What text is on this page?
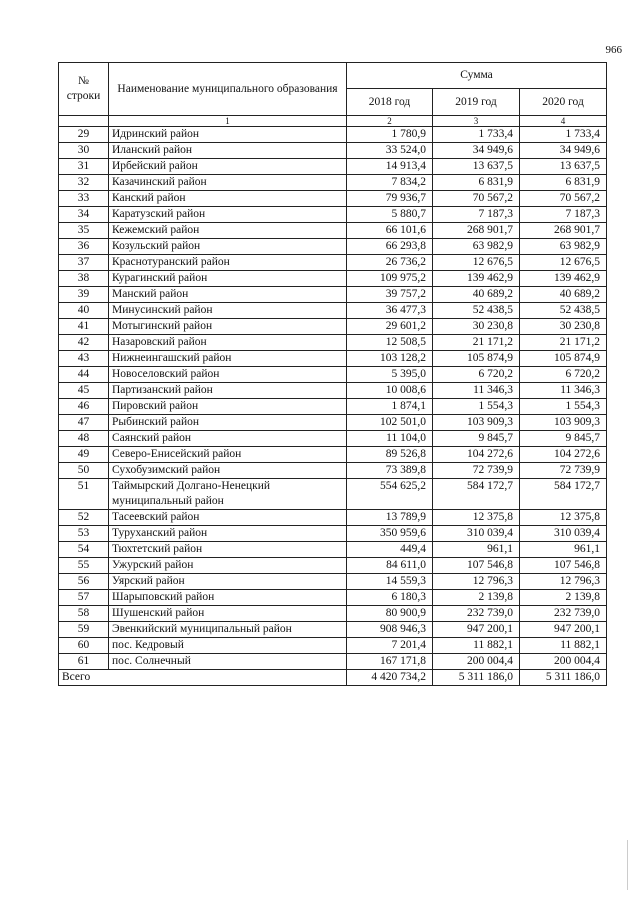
966
№ строки	Наименование муниципального образования	Сумма		
		2018 год	2019 год	2020 год
	1	2	3	4
29	Идринский район	1 780,9	1 733,4	1 733,4
30	Иланский район	33 524,0	34 949,6	34 949,6
31	Ирбейский район	14 913,4	13 637,5	13 637,5
32	Казачинский район	7 834,2	6 831,9	6 831,9
33	Канский район	79 936,7	70 567,2	70 567,2
34	Каратузский район	5 880,7	7 187,3	7 187,3
35	Кежемский район	66 101,6	268 901,7	268 901,7
36	Козульский район	66 293,8	63 982,9	63 982,9
37	Краснотуранский район	26 736,2	12 676,5	12 676,5
38	Курагинский район	109 975,2	139 462,9	139 462,9
39	Манский район	39 757,2	40 689,2	40 689,2
40	Минусинский район	36 477,3	52 438,5	52 438,5
41	Мотыгинский район	29 601,2	30 230,8	30 230,8
42	Назаровский район	12 508,5	21 171,2	21 171,2
43	Нижнеингашский район	103 128,2	105 874,9	105 874,9
44	Новоселовский район	5 395,0	6 720,2	6 720,2
45	Партизанский район	10 008,6	11 346,3	11 346,3
46	Пировский район	1 874,1	1 554,3	1 554,3
47	Рыбинский район	102 501,0	103 909,3	103 909,3
48	Саянский район	11 104,0	9 845,7	9 845,7
49	Северо-Енисейский район	89 526,8	104 272,6	104 272,6
50	Сухобузимский район	73 389,8	72 739,9	72 739,9
51	Таймырский Долгано-Ненецкий муниципальный район	554 625,2	584 172,7	584 172,7
52	Тасеевский район	13 789,9	12 375,8	12 375,8
53	Туруханский район	350 959,6	310 039,4	310 039,4
54	Тюхтетский район	449,4	961,1	961,1
55	Ужурский район	84 611,0	107 546,8	107 546,8
56	Уярский район	14 559,3	12 796,3	12 796,3
57	Шарыповский район	6 180,3	2 139,8	2 139,8
58	Шушенский район	80 900,9	232 739,0	232 739,0
59	Эвенкийский муниципальный район	908 946,3	947 200,1	947 200,1
60	пос. Кедровый	7 201,4	11 882,1	11 882,1
61	пос. Солнечный	167 171,8	200 004,4	200 004,4
Всего		4 420 734,2	5 311 186,0	5 311 186,0
